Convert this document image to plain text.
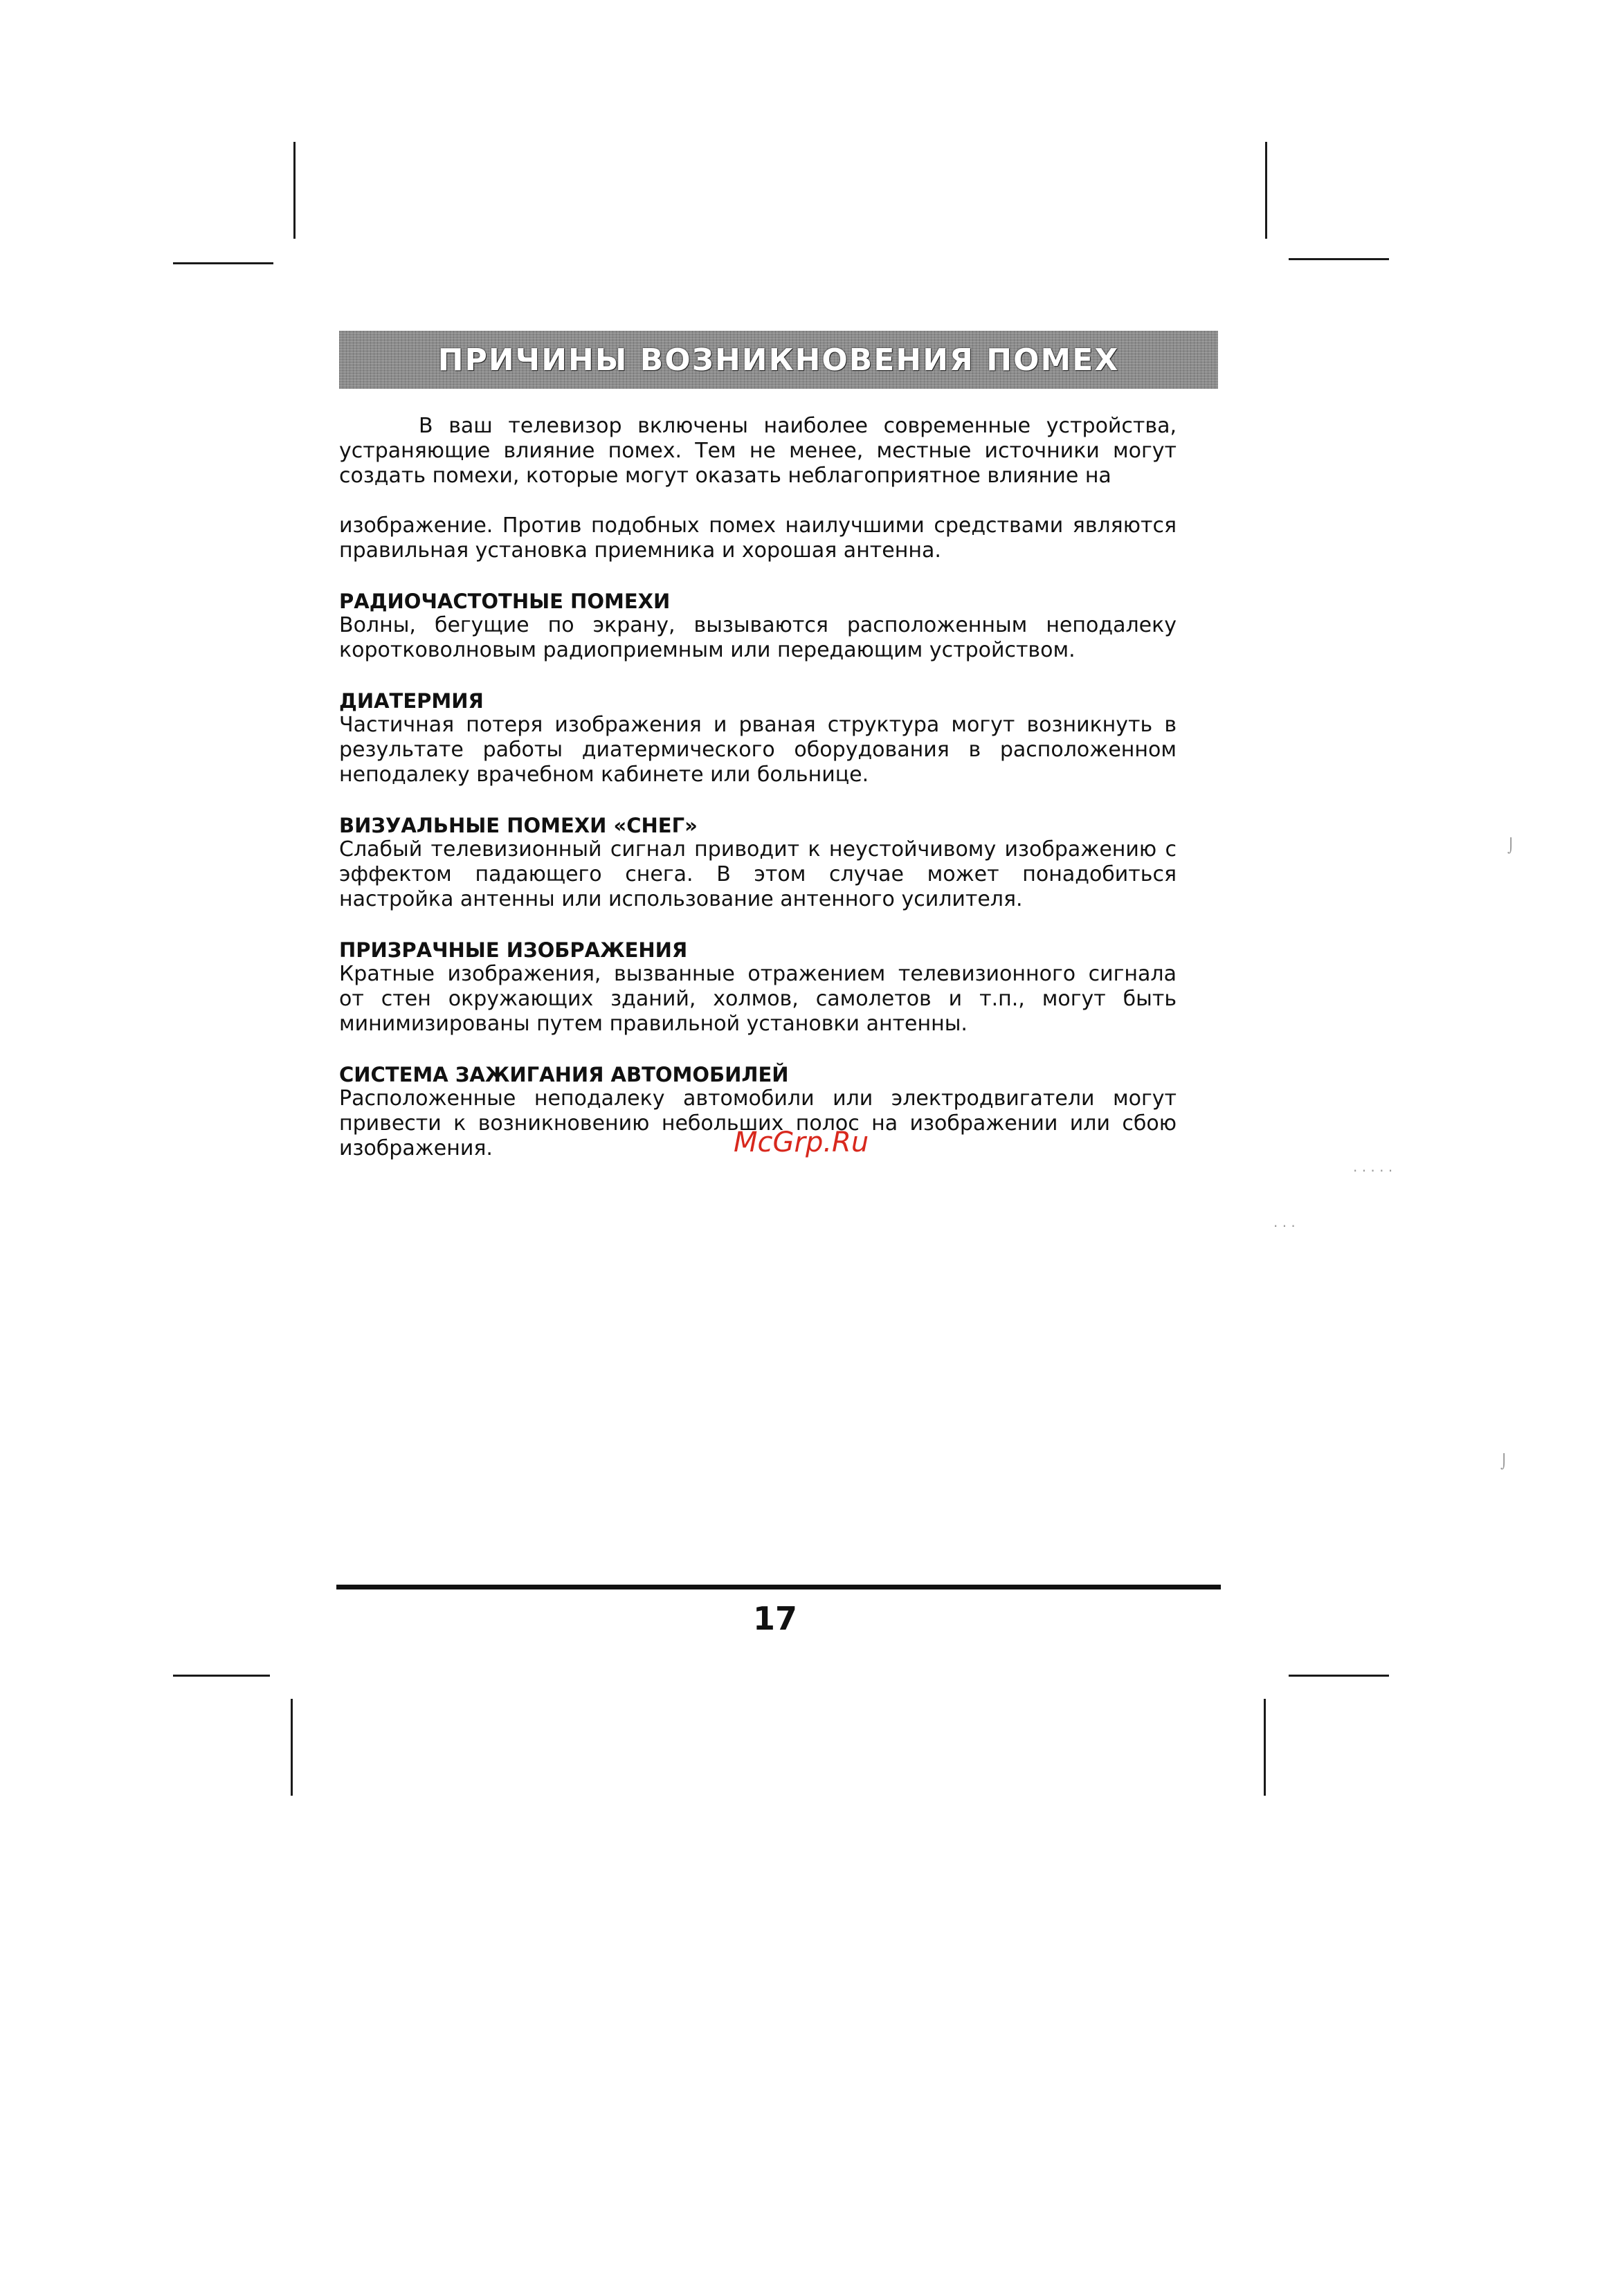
⌡
· · · · ·
· · ·
⌡
ПРИЧИНЫ ВОЗНИКНОВЕНИЯ ПОМЕХ

В ваш телевизор включены наиболее современные устройства, устраняющие влияние помех. Тем не менее, местные источники могут создать помехи, которые могут оказать неблагоприятное влияние на

изображение. Против подобных помех наилучшими средствами являются правильная установка приемника и хорошая антенна.

РАДИОЧАСТОТНЫЕ ПОМЕХИ

Волны, бегущие по экрану, вызываются расположенным неподалеку коротковолновым радиоприемным или передающим устройством.

ДИАТЕРМИЯ

Частичная потеря изображения и рваная структура могут возникнуть в результате работы диатермического оборудования в расположенном неподалеку врачебном кабинете или больнице.

ВИЗУАЛЬНЫЕ ПОМЕХИ «СНЕГ»

Слабый телевизионный сигнал приводит к неустойчивому изображению с эффектом падающего снега. В этом случае может понадобиться настройка антенны или использование антенного усилителя.

ПРИЗРАЧНЫЕ ИЗОБРАЖЕНИЯ

Кратные изображения, вызванные отражением телевизионного сигнала от стен окружающих зданий, холмов, самолетов и т.п., могут быть минимизированы путем правильной установки антенны.

СИСТЕМА ЗАЖИГАНИЯ АВТОМОБИЛЕЙ

Расположенные неподалеку автомобили или электродвигатели могут привести к возникновению небольших полос на изображении или сбою изображения.	McGrp.Ru
17
